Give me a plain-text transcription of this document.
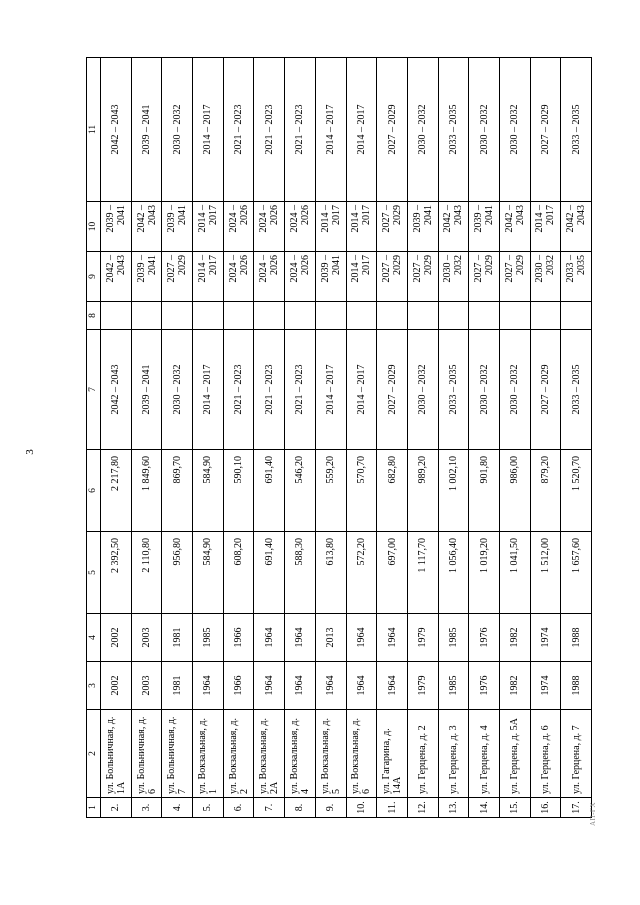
3
1	2	3	4	5	6	7	8	9	10	11
2.	ул. Больничная, д. 1А	2002	2002	2 392,50	2 217,80	2042 – 2043		2042 – 2043	2039 – 2041	2042 – 2043
3.	ул. Больничная, д. 6	2003	2003	2 110,80	1 849,60	2039 – 2041		2039 – 2041	2042 – 2043	2039 – 2041
4.	ул. Больничная, д. 7	1981	1981	956,80	869,70	2030 – 2032		2027 – 2029	2039 – 2041	2030 – 2032
5.	ул. Вокзальная, д. 1	1964	1985	584,90	584,90	2014 – 2017		2014 – 2017	2014 – 2017	2014 – 2017
6.	ул. Вокзальная, д. 2	1966	1966	608,20	590,10	2021 – 2023		2024 – 2026	2024 – 2026	2021 – 2023
7.	ул. Вокзальная, д. 2А	1964	1964	691,40	691,40	2021 – 2023		2024 – 2026	2024 – 2026	2021 – 2023
8.	ул. Вокзальная, д. 4	1964	1964	588,30	546,20	2021 – 2023		2024 – 2026	2024 – 2026	2021 – 2023
9.	ул. Вокзальная, д. 5	1964	2013	613,80	559,20	2014 – 2017		2039 – 2041	2014 – 2017	2014 – 2017
10.	ул. Вокзальная, д. 6	1964	1964	572,20	570,70	2014 – 2017		2014 – 2017	2014 – 2017	2014 – 2017
11.	ул. Гагарина, д. 14А	1964	1964	697,00	682,80	2027 – 2029		2027 – 2029	2027 – 2029	2027 – 2029
12.	ул. Герцена, д. 2	1979	1979	1 117,70	989,20	2030 – 2032		2027 – 2029	2039 – 2041	2030 – 2032
13.	ул. Герцена, д. 3	1985	1985	1 056,40	1 002,10	2033 – 2035		2030 – 2032	2042 – 2043	2033 – 2035
14.	ул. Герцена, д. 4	1976	1976	1 019,20	901,80	2030 – 2032		2027 – 2029	2039 – 2041	2030 – 2032
15.	ул. Герцена, д. 5А	1982	1982	1 041,50	986,00	2030 – 2032		2027 – 2029	2042 – 2043	2030 – 2032
16.	ул. Герцена, д. 6	1974	1974	1 512,00	879,20	2027 – 2029		2030 – 2032	2014 – 2017	2027 – 2029
17.	ул. Герцена, д. 7	1988	1988	1 657,60	1 520,70	2033 – 2035		2033 – 2035	2042 – 2043	2033 – 2035
АП-ГХ
